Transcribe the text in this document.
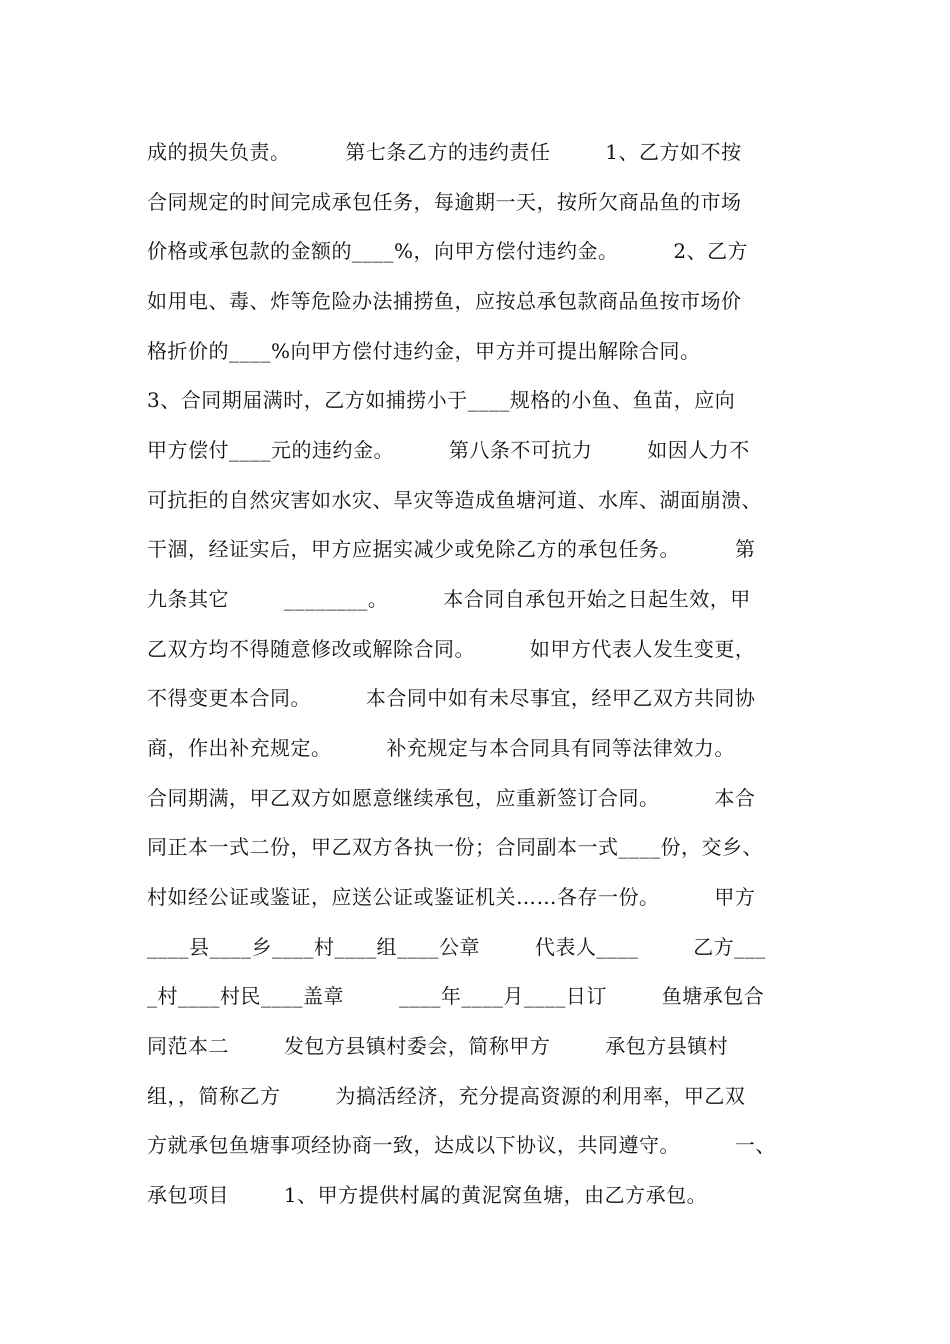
成的损失负责。        第七条乙方的违约责任        1、乙方如不按
合同规定的时间完成承包任务，每逾期一天，按所欠商品鱼的市场
价格或承包款的金额的____%，向甲方偿付违约金。        2、乙方
如用电、毒、炸等危险办法捕捞鱼，应按总承包款商品鱼按市场价
格折价的____%向甲方偿付违约金，甲方并可提出解除合同。
3、合同期届满时，乙方如捕捞小于____规格的小鱼、鱼苗，应向
甲方偿付____元的违约金。        第八条不可抗力        如因人力不
可抗拒的自然灾害如水灾、旱灾等造成鱼塘河道、水库、湖面崩溃、
干涸，经证实后，甲方应据实减少或免除乙方的承包任务。        第
九条其它        ________。        本合同自承包开始之日起生效，甲
乙双方均不得随意修改或解除合同。        如甲方代表人发生变更，
不得变更本合同。        本合同中如有未尽事宜，经甲乙双方共同协
商，作出补充规定。        补充规定与本合同具有同等法律效力。
合同期满，甲乙双方如愿意继续承包，应重新签订合同。        本合
同正本一式二份，甲乙双方各执一份；合同副本一式____份，交乡、
村如经公证或鉴证，应送公证或鉴证机关……各存一份。        甲方
____县____乡____村____组____公章        代表人____        乙方___
_村____村民____盖章        ____年____月____日订        鱼塘承包合
同范本二        发包方县镇村委会，简称甲方        承包方县镇村
组，，简称乙方        为搞活经济，充分提高资源的利用率，甲乙双
方就承包鱼塘事项经协商一致，达成以下协议，共同遵守。        一、
承包项目        1、甲方提供村属的黄泥窝鱼塘，由乙方承包。
